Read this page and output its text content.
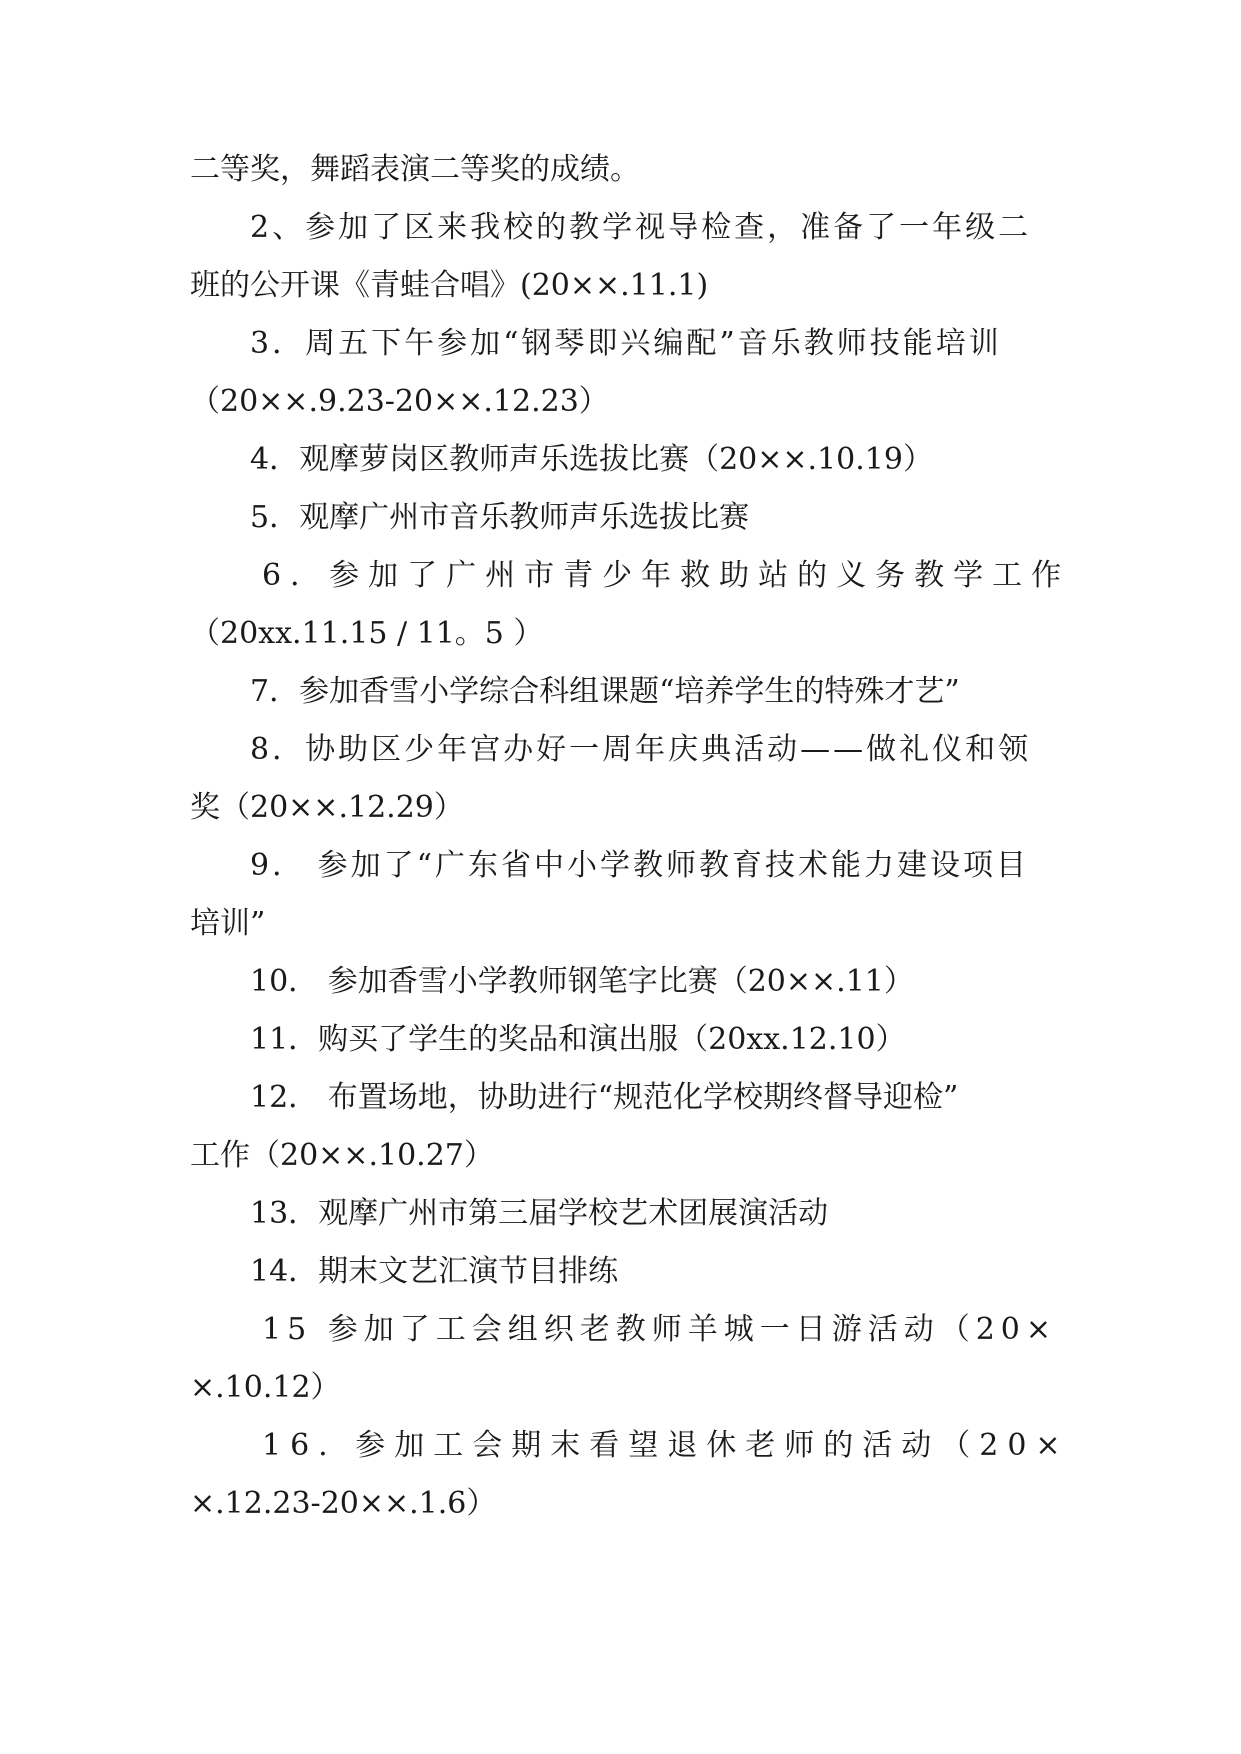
二等奖，舞蹈表演二等奖的成绩。
2、参加了区来我校的教学视导检查，准备了一年级二
班的公开课《青蛙合唱》(20××.11.1)
3．周五下午参加“钢琴即兴编配”音乐教师技能培训
（20××.9.23-20××.12.23）
4．观摩萝岗区教师声乐选拔比赛（20××.10.19）
5．观摩广州市音乐教师声乐选拔比赛
6．参加了广州市青少年救助站的义务教学工作
（20xx.11.15 / 11。5 ）
7．参加香雪小学综合科组课题“培养学生的特殊才艺”
8．协助区少年宫办好一周年庆典活动——做礼仪和领
奖（20××.12.29）
9． 参加了“广东省中小学教师教育技术能力建设项目
培训”
10． 参加香雪小学教师钢笔字比赛（20××.11）
11．购买了学生的奖品和演出服（20xx.12.10）
12． 布置场地，协助进行“规范化学校期终督导迎检”
工作（20××.10.27）
13．观摩广州市第三届学校艺术团展演活动
14．期末文艺汇演节目排练
15 参加了工会组织老教师羊城一日游活动（20×
×.10.12）
16. 参加工会期末看望退休老师的活动（20×
×.12.23-20××.1.6）
